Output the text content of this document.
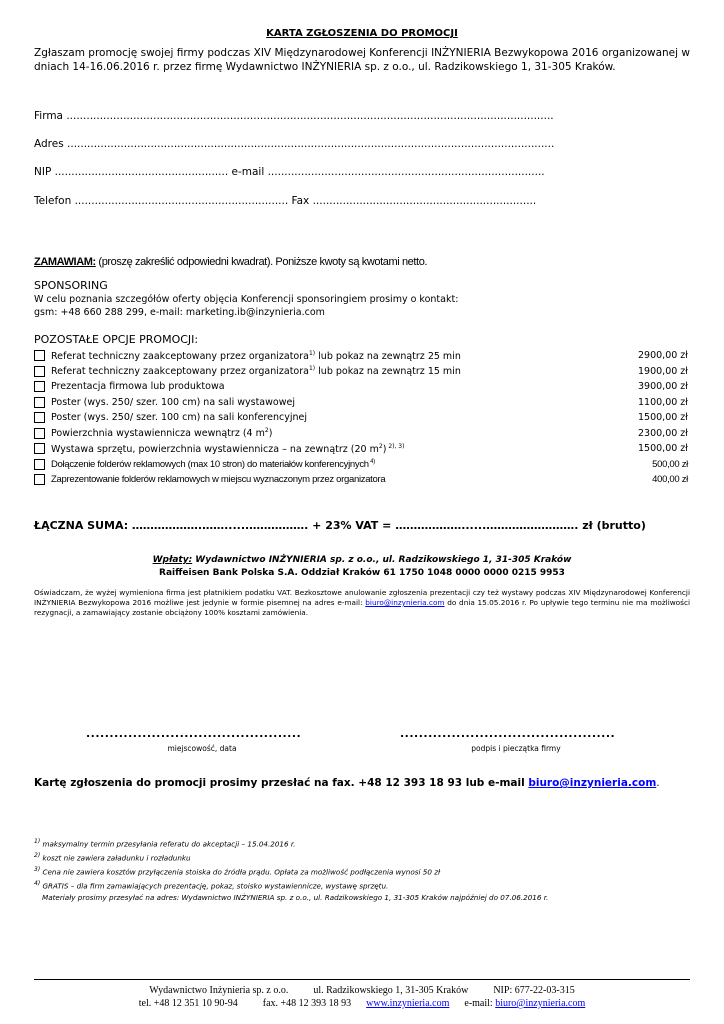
KARTA ZGŁOSZENIA DO PROMOCJI
Zgłaszam promocję swojej firmy podczas XIV Międzynarodowej Konferencji INŻYNIERIA Bezwykopowa 2016 organizowanej w dniach 14-16.06.2016 r. przez firmę Wydawnictwo INŻYNIERIA sp. z o.o., ul. Radzikowskiego 1, 31-305 Kraków.
Firma ..................................................................................................................................................
Adres ..................................................................................................................................................
NIP .................................................... e-mail ...................................................................................
Telefon ................................................................ Fax ...................................................................
ZAMAWIAM: (proszę zakreślić odpowiedni kwadrat). Poniższe kwoty są kwotami netto.
SPONSORING
W celu poznania szczegółów oferty objęcia Konferencji sponsoringiem prosimy o kontakt:
gsm: +48 660 288 299, e-mail: marketing.ib@inzynieria.com
POZOSTAŁE OPCJE PROMOCJI:
Referat techniczny zaakceptowany przez organizatora$^{1)}$ lub pokaz na zewnątrz 25 min	2900,00 zł
Referat techniczny zaakceptowany przez organizatora$^{1)}$ lub pokaz na zewnątrz 15 min	1900,00 zł
Prezentacja firmowa lub produktowa	3900,00 zł
Poster (wys. 250/ szer. 100 cm) na sali wystawowej	1100,00 zł
Poster (wys. 250/ szer. 100 cm) na sali konferencyjnej	1500,00 zł
Powierzchnia wystawiennicza wewnątrz (4 $m^2$)	2300,00 zł
Wystawa sprzętu, powierzchnia wystawiennicza – na zewnątrz (20 $m^2$) $^{2), 3)}$	1500,00 zł
Dołączenie folderów reklamowych (max 10 stron) do materiałów konferencyjnych $^{4)}$	500,00 zł
Zaprezentowanie folderów reklamowych w miejscu wyznaczonym przez organizatora	400,00 zł
ŁĄCZNA SUMA: ……………….……......……………. + 23% VAT = ………………......……………………. zł (brutto)
Wpłaty: Wydawnictwo INŻYNIERIA sp. z o.o., ul. Radzikowskiego 1, 31-305 Kraków
Raiffeisen Bank Polska S.A. Oddział Kraków 61 1750 1048 0000 0000 0215 9953
Oświadczam, że wyżej wymieniona firma jest płatnikiem podatku VAT. Bezkosztowe anulowanie zgłoszenia prezentacji czy też wystawy podczas XIV Międzynarodowej Konferencji INŻYNIERIA Bezwykopowa 2016 możliwe jest jedynie w formie pisemnej na adres e-mail: biuro@inzynieria.com do dnia 15.05.2016 r. Po upływie tego terminu nie ma możliwości rezygnacji, a zamawiający zostanie obciążony 100% kosztami zamówienia.
..............................................
miejscowość, data
..............................................
podpis i pieczątka firmy
Kartę zgłoszenia do promocji prosimy przesłać na fax. +48 12 393 18 93 lub e-mail biuro@inzynieria.com.
$^{1)}$ maksymalny termin przesyłania referatu do akceptacji – 15.04.2016 r.
$^{2)}$ koszt nie zawiera załadunku i rozładunku
$^{3)}$ Cena nie zawiera kosztów przyłączenia stoiska do źródła prądu. Opłata za możliwość podłączenia wynosi 50 zł
$^{4)}$ GRATIS – dla firm zamawiających prezentację, pokaz, stoisko wystawiennicze, wystawę sprzętu.
Materiały prosimy przesyłać na adres: Wydawnictwo INŻYNIERIA sp. z o.o., ul. Radzikowskiego 1, 31-305 Kraków najpóźniej do 07.06.2016 r.
Wydawnictwo Inżynieria sp. z o.o.          ul. Radzikowskiego 1, 31-305 Kraków          NIP: 677-22-03-315
tel. +48 12 351 10 90-94          fax. +48 12 393 18 93      www.inzynieria.com      e-mail: biuro@inzynieria.com
